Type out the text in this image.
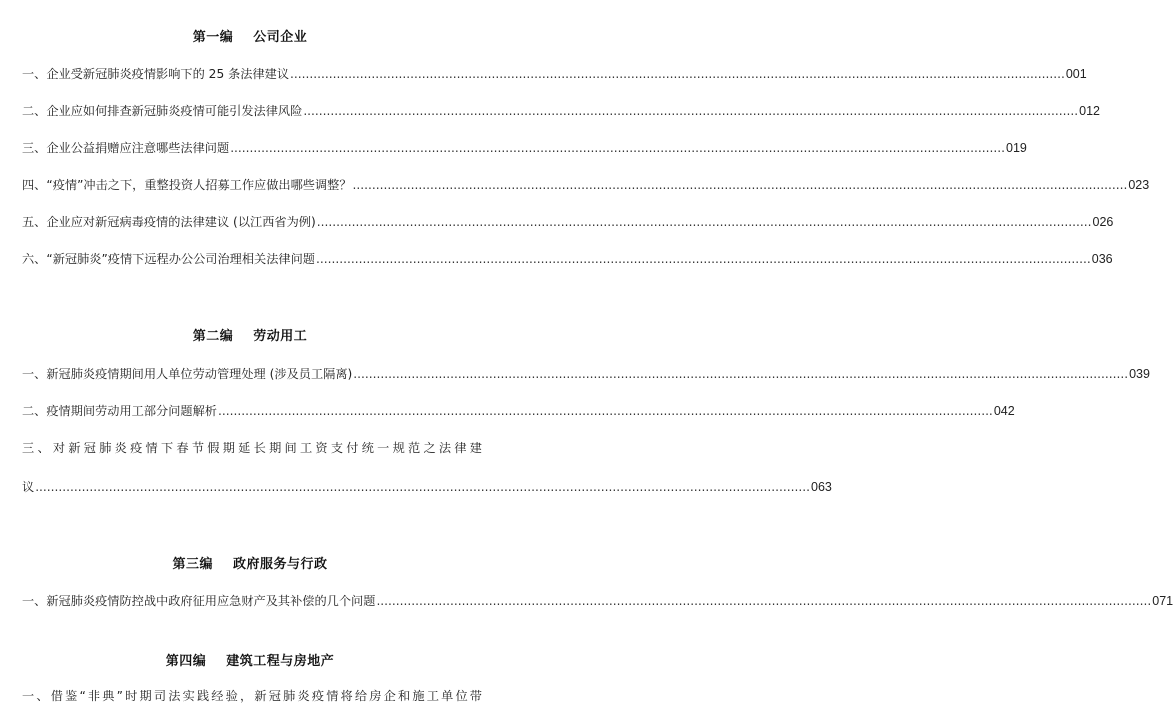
第一编    公司企业
一、企业受新冠肺炎疫情影响下的 25 条法律建议 .....	001
二、企业应如何排查新冠肺炎疫情可能引发法律风险 .....	012
三、企业公益捐赠应注意哪些法律问题 .....	019
四、“疫情”冲击之下，重整投资人招募工作应做出哪些调整？ .....	023
五、企业应对新冠病毒疫情的法律建议 (以江西省为例) .....	026
六、“新冠肺炎”疫情下远程办公公司治理相关法律问题 .....	036
第二编    劳动用工
一、新冠肺炎疫情期间用人单位劳动管理处理 (涉及员工隔离) .....	039
二、疫情期间劳动用工部分问题解析 .....	042
三、对新冠肺炎疫情下春节假期延长期间工资支付统一规范之法律建
议 .....	063
第三编    政府服务与行政
一、新冠肺炎疫情防控战中政府征用应急财产及其补偿的几个问题 .....	071
第四编    建筑工程与房地产
一、借鉴“非典”时期司法实践经验，新冠肺炎疫情将给房企和施工单位带
